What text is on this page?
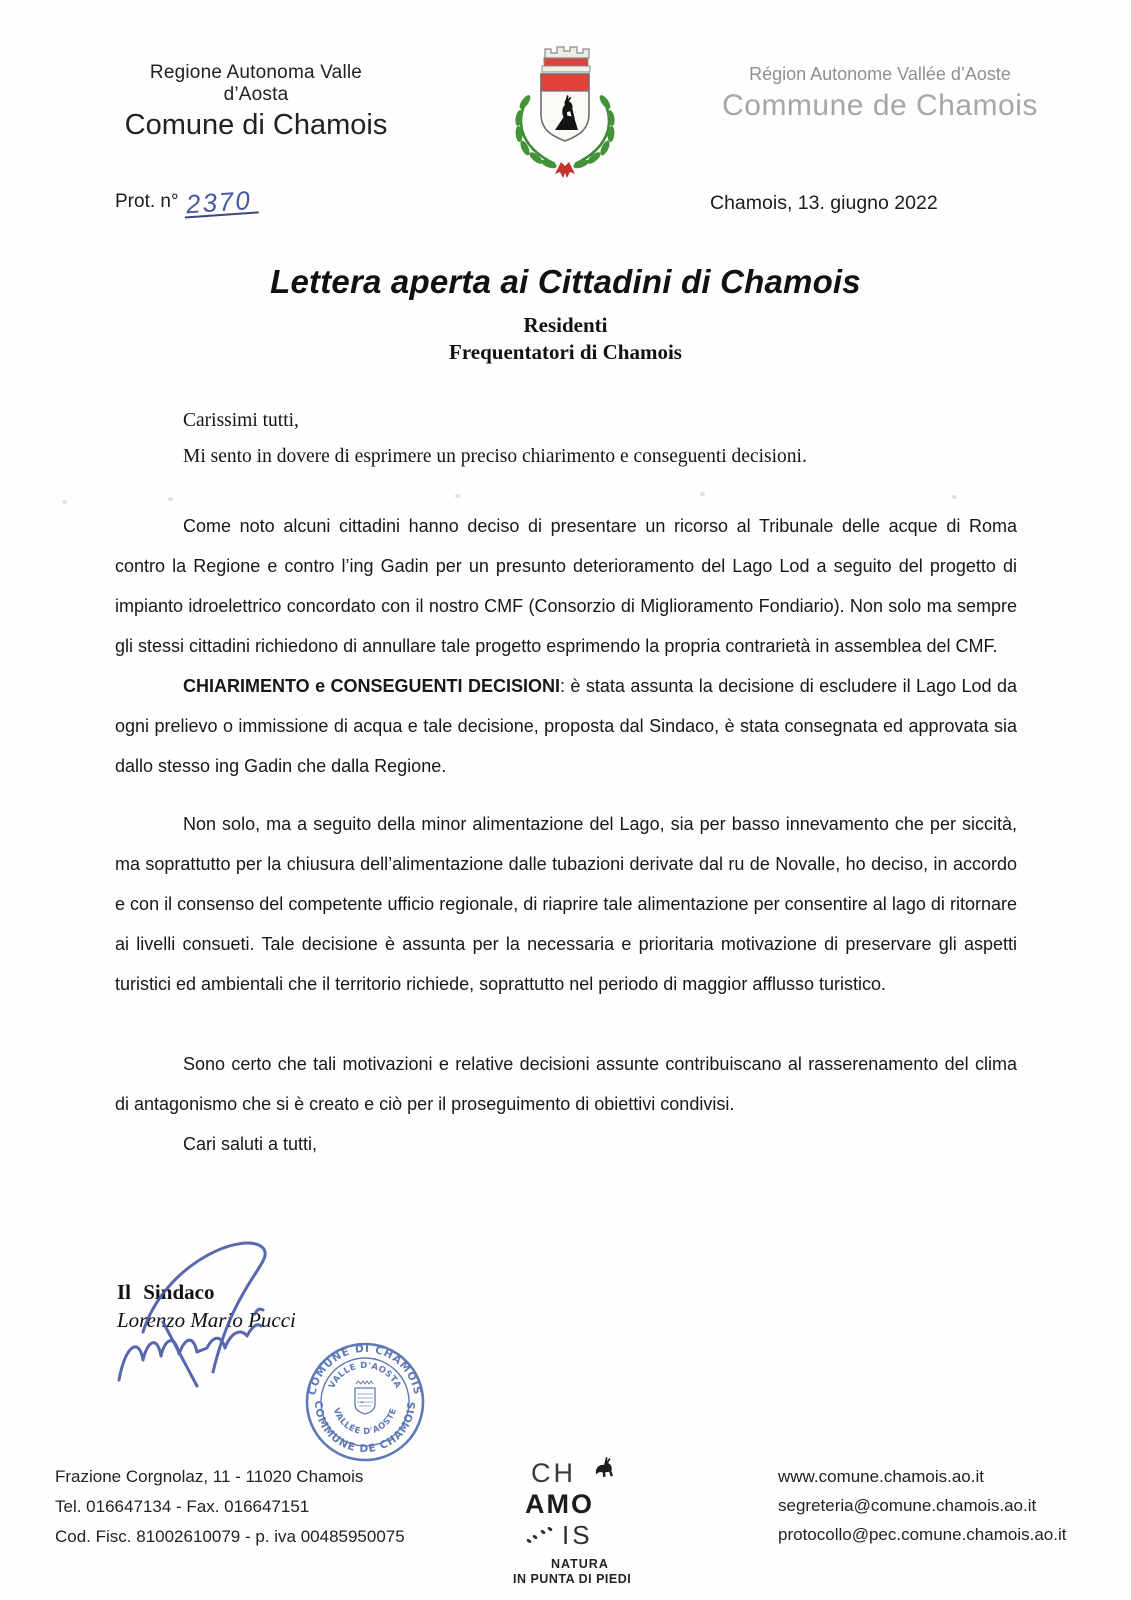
Regione Autonoma Valle d’Aosta
Comune di Chamois
Région Autonome Vallée d’Aoste
Commune de Chamois
Prot. n° 2370	Chamois, 13. giugno 2022
Lettera aperta ai Cittadini di Chamois
Residenti
Frequentatori di Chamois
Carissimi tutti,
Mi sento in dovere di esprimere un preciso chiarimento e conseguenti decisioni.

Come noto alcuni cittadini hanno deciso di presentare un ricorso al Tribunale delle acque di Roma contro la Regione e contro l’ing Gadin per un presunto deterioramento del Lago Lod a seguito del progetto di impianto idroelettrico concordato con il nostro CMF (Consorzio di Miglioramento Fondiario). Non solo ma sempre gli stessi cittadini richiedono di annullare tale progetto esprimendo la propria contrarietà in assemblea del CMF.

CHIARIMENTO e CONSEGUENTI DECISIONI: è stata assunta la decisione di escludere il Lago Lod da ogni prelievo o immissione di acqua e tale decisione, proposta dal Sindaco, è stata consegnata ed approvata sia dallo stesso ing Gadin che dalla Regione.

Non solo, ma a seguito della minor alimentazione del Lago, sia per basso innevamento che per siccità, ma soprattutto per la chiusura dell’alimentazione dalle tubazioni derivate dal ru de Novalle, ho deciso, in accordo e con il consenso del competente ufficio regionale, di riaprire tale alimentazione per consentire al lago di ritornare ai livelli consueti. Tale decisione è assunta per la necessaria e prioritaria motivazione di preservare gli aspetti turistici ed ambientali che il territorio richiede, soprattutto nel periodo di maggior afflusso turistico.

Sono certo che tali motivazioni e relative decisioni assunte contribuiscano al rasserenamento del clima di antagonismo che si è creato e ciò per il proseguimento di obiettivi condivisi.

Cari saluti a tutti,

Il Sindaco
Lorenzo Mario Pucci
COMUNE DI CHAMOIS
COMMUNE DE CHAMOIS
VALLE D'AOSTA
VALLÉE D'AOSTE
-
Frazione Corgnolaz, 11 - 11020 Chamois
Tel. 016647134 - Fax. 016647151
Cod. Fisc. 81002610079 - p. iva 00485950075
CH
AMO
IS
NATURA
IN PUNTA DI PIEDI
www.comune.chamois.ao.it
segreteria@comune.chamois.ao.it
protocollo@pec.comune.chamois.ao.it
